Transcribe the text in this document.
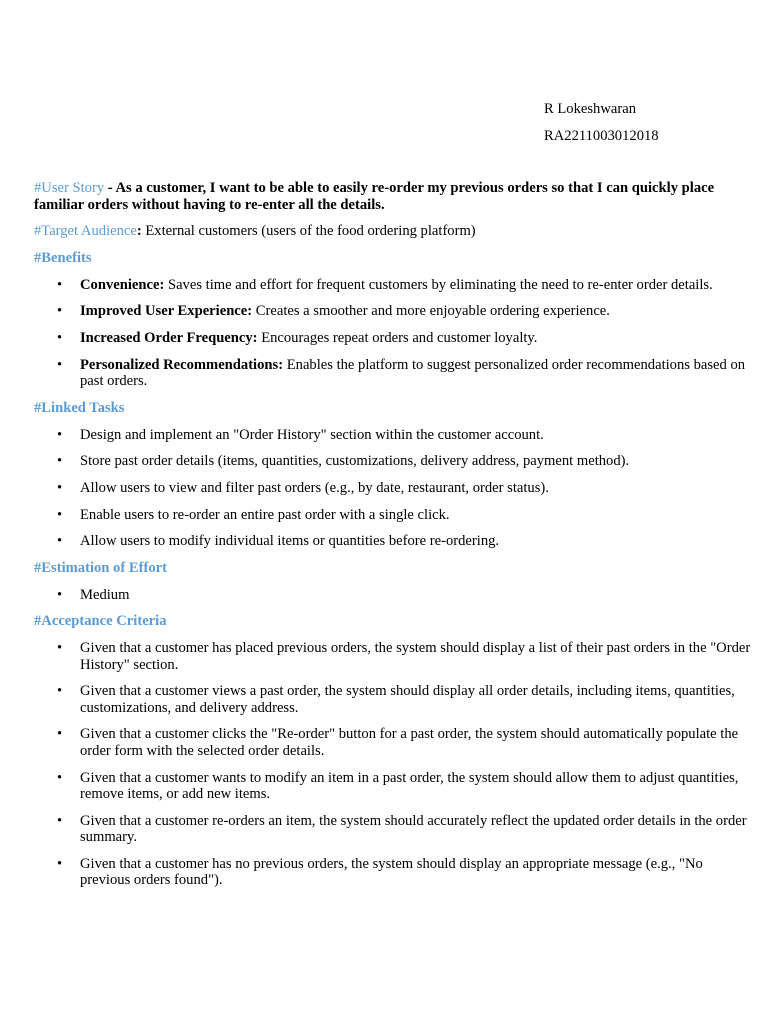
R Lokeshwaran
RA2211003012018

#User Story - As a customer, I want to be able to easily re-order my previous orders so that I can quickly place familiar orders without having to re-enter all the details.

#Target Audience: External customers (users of the food ordering platform)

#Benefits

• Convenience: Saves time and effort for frequent customers by eliminating the need to re-enter order details.
• Improved User Experience: Creates a smoother and more enjoyable ordering experience.
• Increased Order Frequency: Encourages repeat orders and customer loyalty.
• Personalized Recommendations: Enables the platform to suggest personalized order recommendations based on past orders.

#Linked Tasks

• Design and implement an "Order History" section within the customer account.
• Store past order details (items, quantities, customizations, delivery address, payment method).
• Allow users to view and filter past orders (e.g., by date, restaurant, order status).
• Enable users to re-order an entire past order with a single click.
• Allow users to modify individual items or quantities before re-ordering.

#Estimation of Effort

• Medium

#Acceptance Criteria

• Given that a customer has placed previous orders, the system should display a list of their past orders in the "Order History" section.
• Given that a customer views a past order, the system should display all order details, including items, quantities, customizations, and delivery address.
• Given that a customer clicks the "Re-order" button for a past order, the system should automatically populate the order form with the selected order details.
• Given that a customer wants to modify an item in a past order, the system should allow them to adjust quantities, remove items, or add new items.
• Given that a customer re-orders an item, the system should accurately reflect the updated order details in the order summary.
• Given that a customer has no previous orders, the system should display an appropriate message (e.g., "No previous orders found").
